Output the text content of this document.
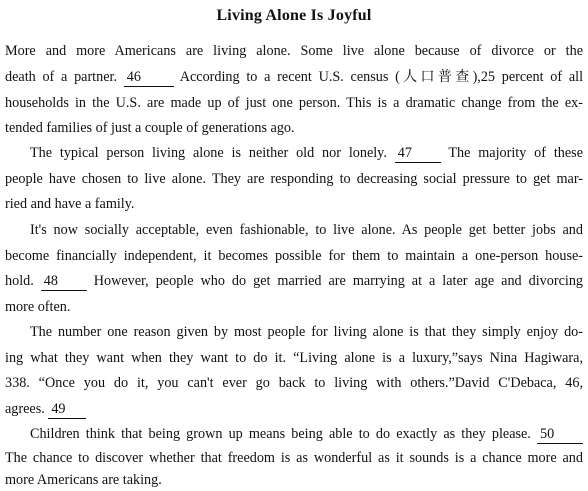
Living Alone Is Joyful
More and more Americans are living alone. Some live alone because of divorce or the
death of a partner. 46	According to a recent U.S. census (人口普查),25 percent of all
households in the U.S. are made up of just one person. This is a dramatic change from the ex-
tended families of just a couple of generations ago.
The typical person living alone is neither old nor lonely. 47	The majority of these
people have chosen to live alone. They are responding to decreasing social pressure to get mar-
ried and have a family.
It's now socially acceptable, even fashionable, to live alone. As people get better jobs and
become financially independent, it becomes possible for them to maintain a one-person house-
hold. 48	However, people who do get married are marrying at a later age and divorcing
more often.
The number one reason given by most people for living alone is that they simply enjoy do-
ing what they want when they want to do it. “Living alone is a luxury,”says Nina Hagiwara,
338. “Once you do it, you can't ever go back to living with others.”David C'Debaca, 46,
agrees. 49
Children think that being grown up means being able to do exactly as they please. 50
The chance to discover whether that freedom is as wonderful as it sounds is a chance more and
more Americans are taking.
